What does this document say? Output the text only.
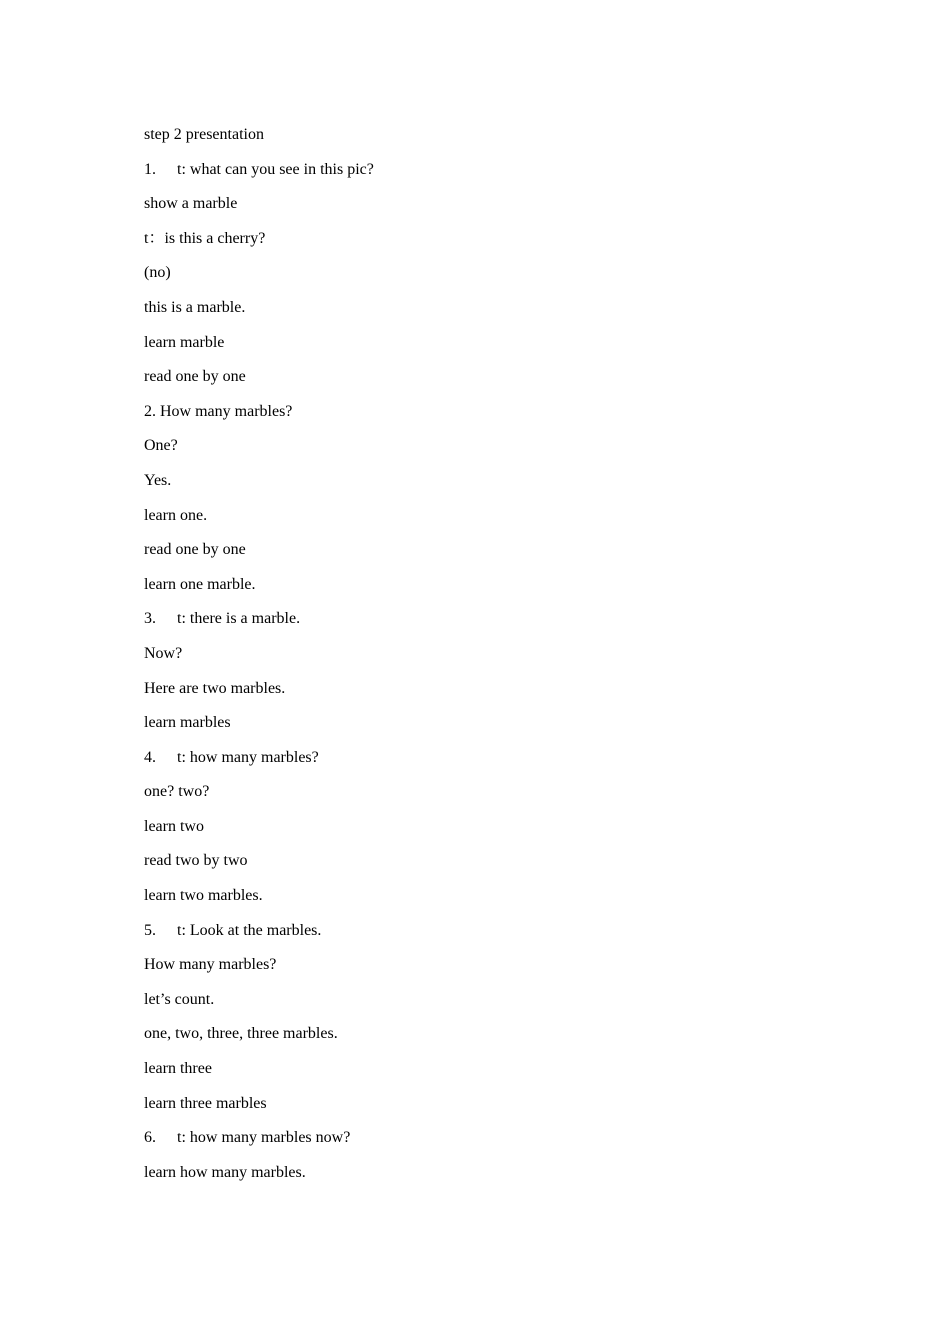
step 2 presentation
1. t: what can you see in this pic?
show a marble
t：is this a cherry?
(no)
this is a marble.
learn marble
read one by one
2. How many marbles?
One?
Yes.
learn one.
read one by one
learn one marble.
3. t: there is a marble.
Now?
Here are two marbles.
learn marbles
4. t: how many marbles?
one? two?
learn two
read two by two
learn two marbles.
5. t: Look at the marbles.
How many marbles?
let’s count.
one, two, three, three marbles.
learn three
learn three marbles
6. t: how many marbles now?
learn how many marbles.
